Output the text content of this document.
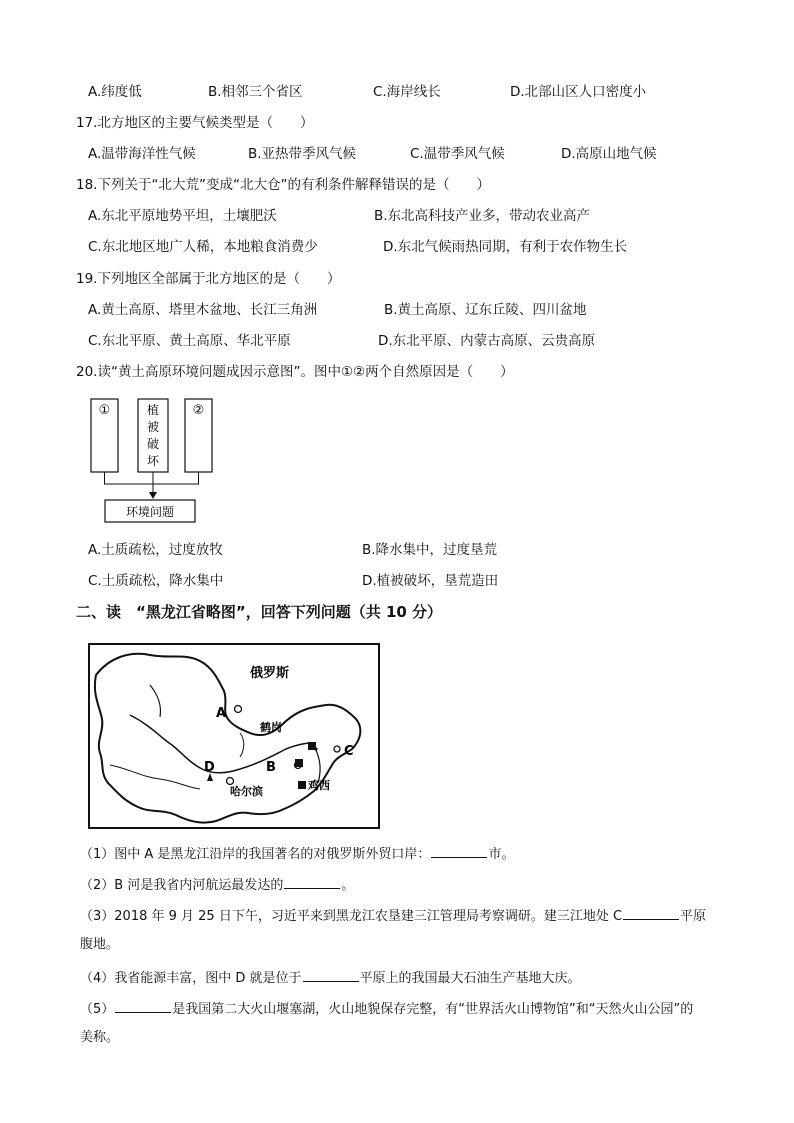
A.纬度低	B.相邻三个省区	C.海岸线长	D.北部山区人口密度小
17.北方地区的主要气候类型是（　　）
A.温带海洋性气候	B.亚热带季风气候	C.温带季风气候	D.高原山地气候
18.下列关于“北大荒”变成“北大仓”的有利条件解释错误的是（　　）
A.东北平原地势平坦，土壤肥沃	B.东北高科技产业多，带动农业高产
C.东北地区地广人稀，本地粮食消费少	D.东北气候雨热同期，有利于农作物生长
19.下列地区全部属于北方地区的是（　　）
A.黄土高原、塔里木盆地、长江三角洲	B.黄土高原、辽东丘陵、四川盆地
C.东北平原、黄土高原、华北平原	D.东北平原、内蒙古高原、云贵高原
20.读“黄土高原环境问题成因示意图”。图中①②两个自然原因是（　　）
①	植
被
破
坏
②
环境问题
A.土质疏松，过度放牧	B.降水集中，过度垦荒
C.土质疏松，降水集中	D.植被破坏，垦荒造田
二、读　“黑龙江省略图”，回答下列问题（共 10 分）
俄罗斯
A
鹤岗
C
B
D
鸡西
哈尔滨
（1）图中 A 是黑龙江沿岸的我国著名的对俄罗斯外贸口岸：	市。
（2）B 河是我省内河航运最发达的	。
（3）2018 年 9 月 25 日下午，习近平来到黑龙江农垦建三江管理局考察调研。建三江地处 C	平原
腹地。
（4）我省能源丰富，图中 D 就是位于	平原上的我国最大石油生产基地大庆。
（5）	是我国第二大火山堰塞湖，火山地貌保存完整，有“世界活火山博物馆”和“天然火山公园”的
美称。
